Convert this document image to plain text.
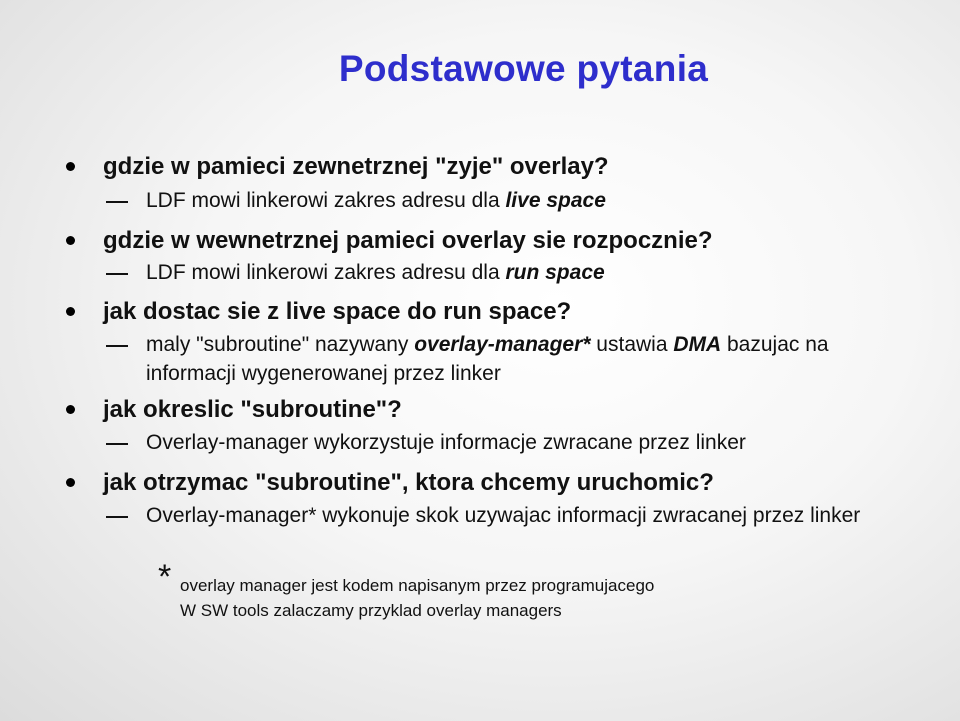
Podstawowe pytania
gdzie w pamieci zewnetrznej "zyje" overlay?
LDF mowi linkerowi zakres adresu dla live space
gdzie w wewnetrznej pamieci overlay sie rozpocznie?
LDF mowi linkerowi zakres adresu dla run space
jak dostac sie z live space do run space?
maly "subroutine" nazywany overlay-manager* ustawia DMA bazujac na
informacji wygenerowanej przez linker
jak okreslic "subroutine"?
Overlay-manager wykorzystuje informacje zwracane przez linker
jak otrzymac "subroutine", ktora chcemy uruchomic?
Overlay-manager* wykonuje skok uzywajac informacji zwracanej przez linker
* overlay manager jest kodem napisanym przez programujacego
W SW tools zalaczamy przyklad overlay managers
